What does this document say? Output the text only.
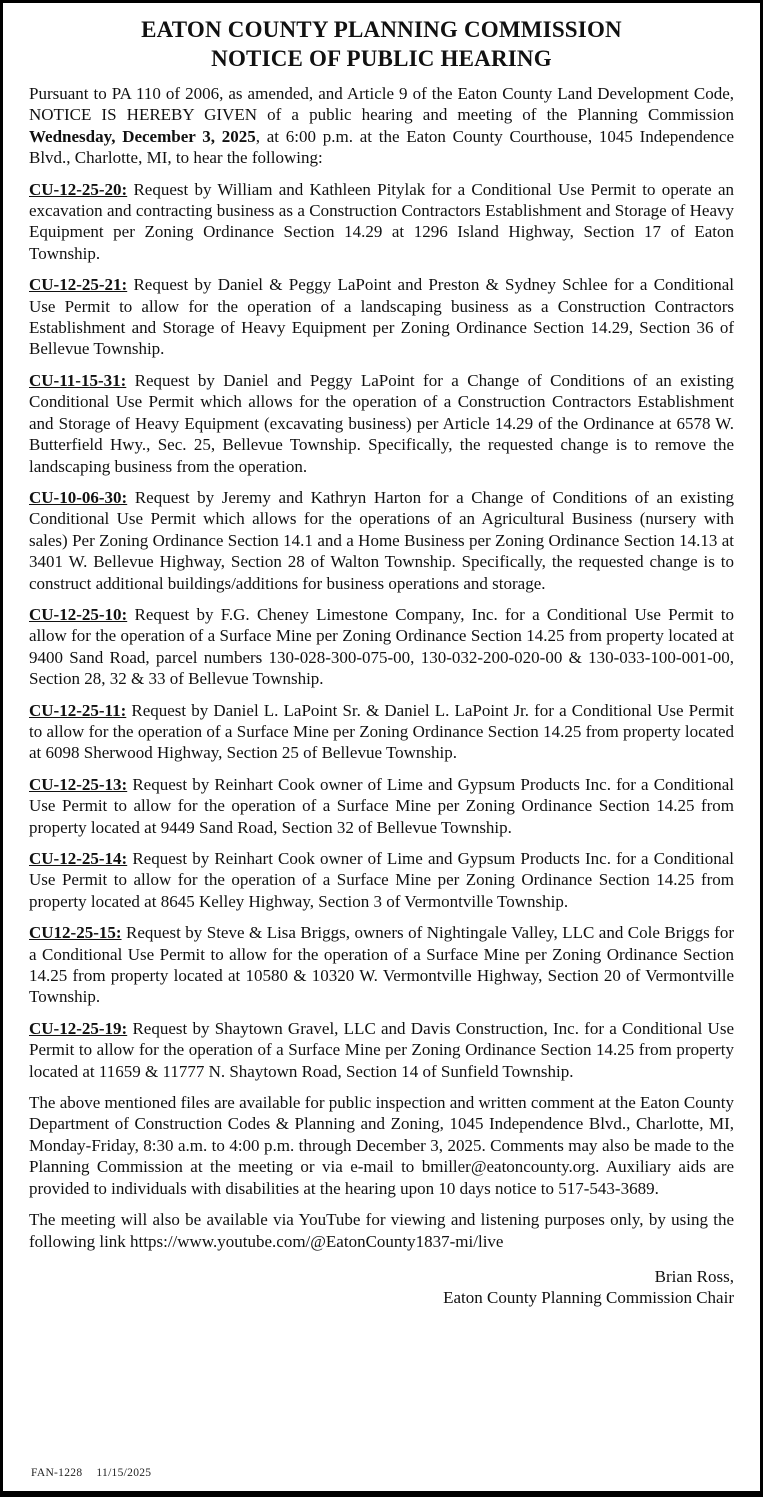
EATON COUNTY PLANNING COMMISSION
NOTICE OF PUBLIC HEARING

Pursuant to PA 110 of 2006, as amended, and Article 9 of the Eaton County Land Development Code, NOTICE IS HEREBY GIVEN of a public hearing and meeting of the Planning Commission Wednesday, December 3, 2025, at 6:00 p.m. at the Eaton County Courthouse, 1045 Independence Blvd., Charlotte, MI, to hear the following:

CU-12-25-20: Request by William and Kathleen Pitylak for a Conditional Use Permit to operate an excavation and contracting business as a Construction Contractors Establishment and Storage of Heavy Equipment per Zoning Ordinance Section 14.29 at 1296 Island Highway, Section 17 of Eaton Township.

CU-12-25-21: Request by Daniel & Peggy LaPoint and Preston & Sydney Schlee for a Conditional Use Permit to allow for the operation of a landscaping business as a Construction Contractors Establishment and Storage of Heavy Equipment per Zoning Ordinance Section 14.29, Section 36 of Bellevue Township.

CU-11-15-31: Request by Daniel and Peggy LaPoint for a Change of Conditions of an existing Conditional Use Permit which allows for the operation of a Construction Contractors Establishment and Storage of Heavy Equipment (excavating business) per Article 14.29 of the Ordinance at 6578 W. Butterfield Hwy., Sec. 25, Bellevue Township. Specifically, the requested change is to remove the landscaping business from the operation.

CU-10-06-30: Request by Jeremy and Kathryn Harton for a Change of Conditions of an existing Conditional Use Permit which allows for the operations of an Agricultural Business (nursery with sales) Per Zoning Ordinance Section 14.1 and a Home Business per Zoning Ordinance Section 14.13 at 3401 W. Bellevue Highway, Section 28 of Walton Township. Specifically, the requested change is to construct additional buildings/additions for business operations and storage.

CU-12-25-10: Request by F.G. Cheney Limestone Company, Inc. for a Conditional Use Permit to allow for the operation of a Surface Mine per Zoning Ordinance Section 14.25 from property located at 9400 Sand Road, parcel numbers 130-028-300-075-00, 130-032-200-020-00 & 130-033-100-001-00, Section 28, 32 & 33 of Bellevue Township.

CU-12-25-11: Request by Daniel L. LaPoint Sr. & Daniel L. LaPoint Jr. for a Conditional Use Permit to allow for the operation of a Surface Mine per Zoning Ordinance Section 14.25 from property located at 6098 Sherwood Highway, Section 25 of Bellevue Township.

CU-12-25-13: Request by Reinhart Cook owner of Lime and Gypsum Products Inc. for a Conditional Use Permit to allow for the operation of a Surface Mine per Zoning Ordinance Section 14.25 from property located at 9449 Sand Road, Section 32 of Bellevue Township.

CU-12-25-14: Request by Reinhart Cook owner of Lime and Gypsum Products Inc. for a Conditional Use Permit to allow for the operation of a Surface Mine per Zoning Ordinance Section 14.25 from property located at 8645 Kelley Highway, Section 3 of Vermontville Township.

CU12-25-15: Request by Steve & Lisa Briggs, owners of Nightingale Valley, LLC and Cole Briggs for a Conditional Use Permit to allow for the operation of a Surface Mine per Zoning Ordinance Section 14.25 from property located at 10580 & 10320 W. Vermontville Highway, Section 20 of Vermontville Township.

CU-12-25-19: Request by Shaytown Gravel, LLC and Davis Construction, Inc. for a Conditional Use Permit to allow for the operation of a Surface Mine per Zoning Ordinance Section 14.25 from property located at 11659 & 11777 N. Shaytown Road, Section 14 of Sunfield Township.

The above mentioned files are available for public inspection and written comment at the Eaton County Department of Construction Codes & Planning and Zoning, 1045 Independence Blvd., Charlotte, MI, Monday-Friday, 8:30 a.m. to 4:00 p.m. through December 3, 2025. Comments may also be made to the Planning Commission at the meeting or via e-mail to bmiller@eatoncounty.org. Auxiliary aids are provided to individuals with disabilities at the hearing upon 10 days notice to 517-543-3689.

The meeting will also be available via YouTube for viewing and listening purposes only, by using the following link https://www.youtube.com/@EatonCounty1837-mi/live

Brian Ross,
Eaton County Planning Commission Chair
FAN-1228 11/15/2025
